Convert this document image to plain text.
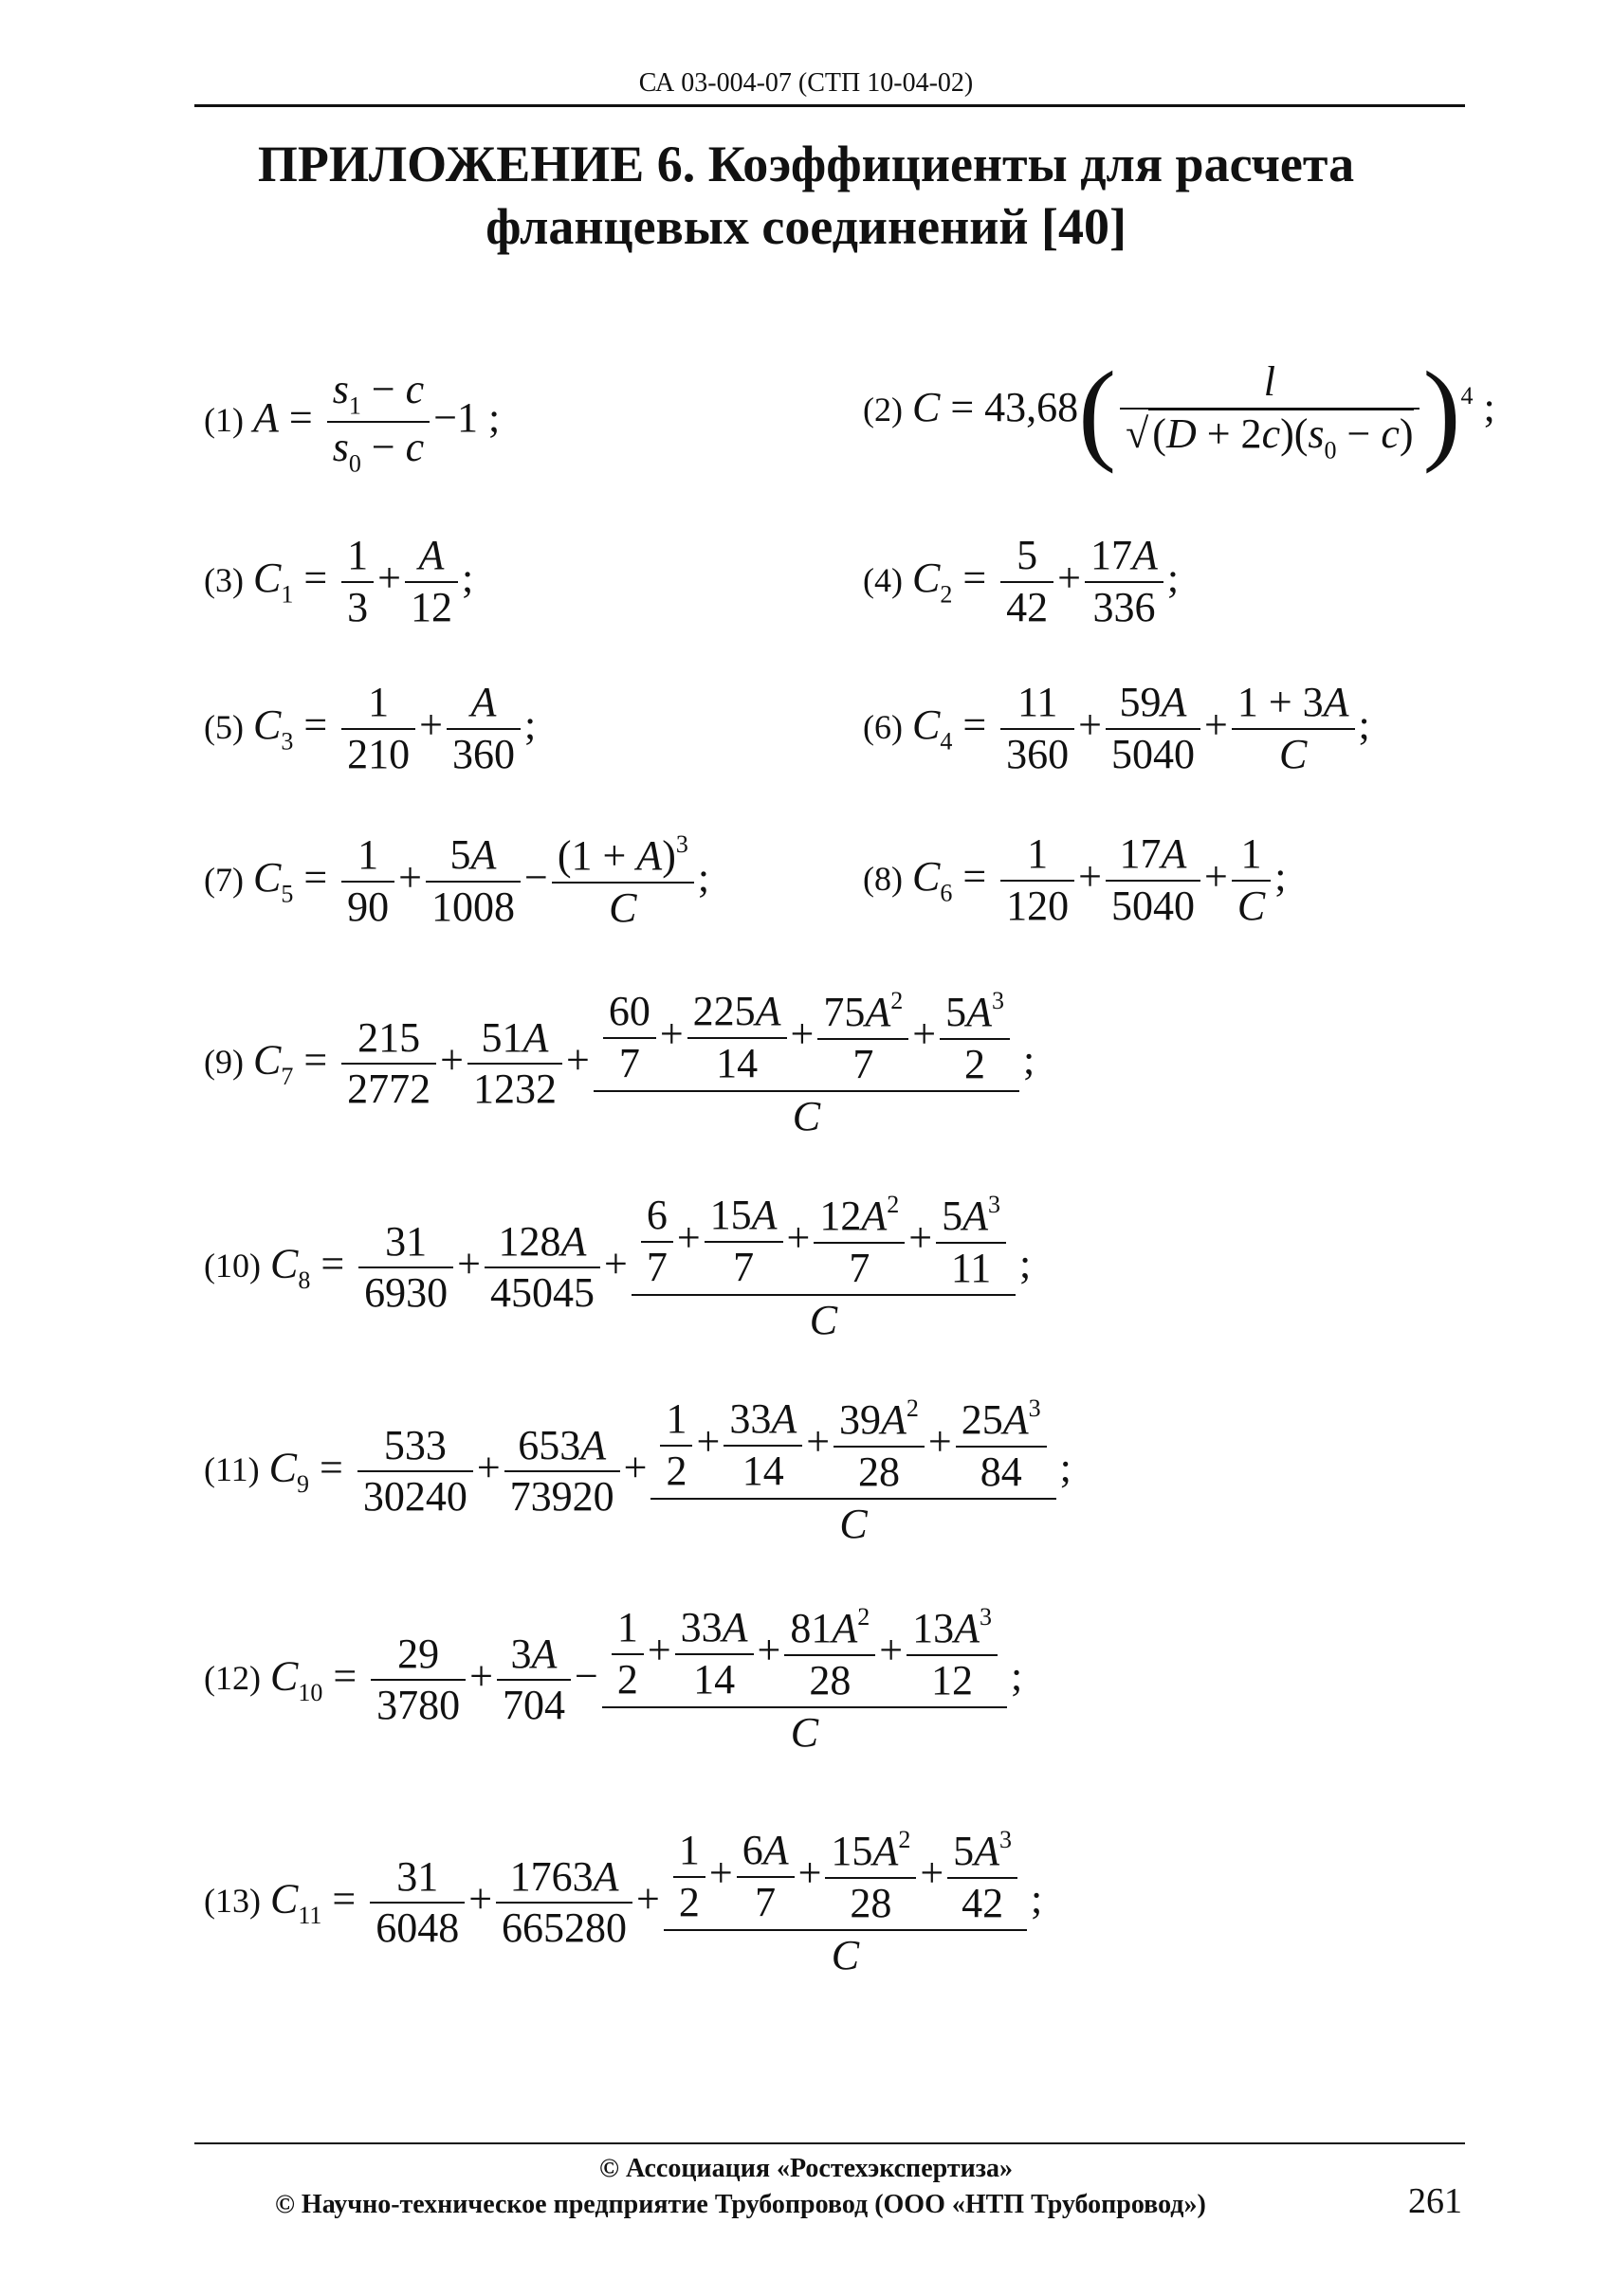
СА 03-004-07 (СТП 10-04-02)
ПРИЛОЖЕНИЕ 6. Коэффициенты для расчета
фланцевых соединений [40]
(1) $A = \frac{s_1 - c}{s_0 - c} -1$ ;	(2) $C = 43,68( \frac{l}{√(D + 2c)(s_0 - c)} )^4$ ;
(3) $C_1 = \frac{1}{3} + \frac{A}{12}$ ;	(4) $C_2 = \frac{5}{42} + \frac{17A}{336}$ ;
(5) $C_3 = \frac{1}{210} + \frac{A}{360}$ ;	(6) $C_4 = \frac{11}{360} + \frac{59A}{5040} + \frac{1 + 3A}{C}$ ;
(7) $C_5 = \frac{1}{90} + \frac{5A}{1008} - \frac{(1 + A)^3}{C}$ ;	(8) $C_6 = \frac{1}{120} + \frac{17A}{5040} + \frac{1}{C}$ ;
(9) $C_7 = \frac{215}{2772} + \frac{51A}{1232} + \frac{\frac{60}{7} + \frac{225A}{14} + \frac{75A^2}{7} + \frac{5A^3}{2}}{C}$ ;
(10) $C_8 = \frac{31}{6930} + \frac{128A}{45045} + \frac{\frac{6}{7} + \frac{15A}{7} + \frac{12A^2}{7} + \frac{5A^3}{11}}{C}$ ;
(11) $C_9 = \frac{533}{30240} + \frac{653A}{73920} + \frac{\frac{1}{2} + \frac{33A}{14} + \frac{39A^2}{28} + \frac{25A^3}{84}}{C}$ ;
(12) $C_{10} = \frac{29}{3780} + \frac{3A}{704} - \frac{\frac{1}{2} + \frac{33A}{14} + \frac{81A^2}{28} + \frac{13A^3}{12}}{C}$ ;
(13) $C_{11} = \frac{31}{6048} + \frac{1763A}{665280} + \frac{\frac{1}{2} + \frac{6A}{7} + \frac{15A^2}{28} + \frac{5A^3}{42}}{C}$ ;
© Ассоциация «Ростехэкспертиза»
© Научно-техническое предприятие Трубопровод (ООО «НТП Трубопровод»)	261
